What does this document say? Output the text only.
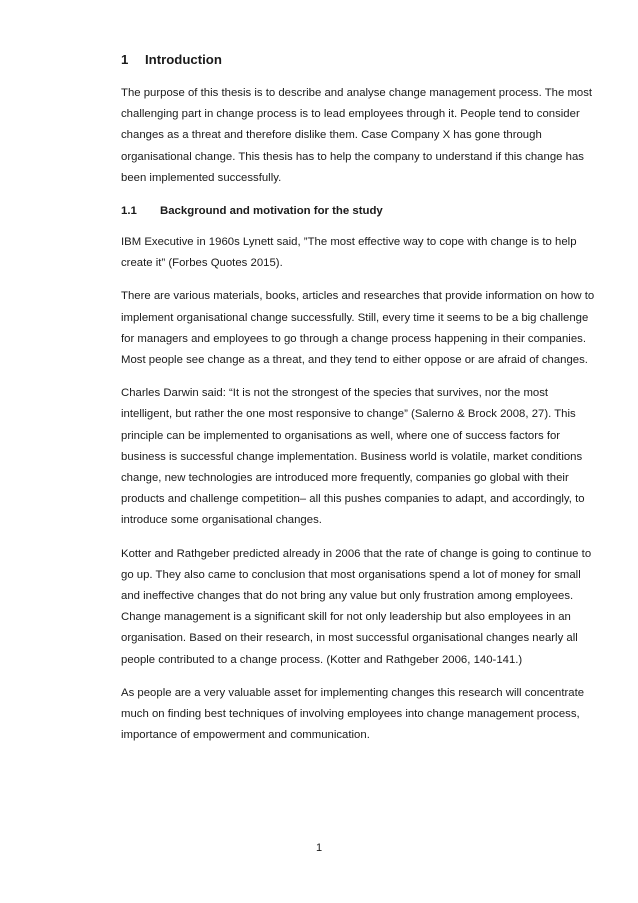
1	Introduction

The purpose of this thesis is to describe and analyse change management process. The most challenging part in change process is to lead employees through it. People tend to consider changes as a threat and therefore dislike them. Case Company X has gone through organisational change. This thesis has to help the company to understand if this change has been implemented successfully.

1.1	Background and motivation for the study

IBM Executive in 1960s Lynett said, ”The most effective way to cope with change is to help create it” (Forbes Quotes 2015).

There are various materials, books, articles and researches that provide information on how to implement organisational change successfully. Still, every time it seems to be a big challenge for managers and employees to go through a change process happening in their companies. Most people see change as a threat, and they tend to either oppose or are afraid of changes.

Charles Darwin said: “It is not the strongest of the species that survives, nor the most intelligent, but rather the one most responsive to change” (Salerno & Brock 2008, 27). This principle can be implemented to organisations as well, where one of success factors for business is successful change implementation. Business world is volatile, market conditions change, new technologies are introduced more frequently, companies go global with their products and challenge competition– all this pushes companies to adapt, and accordingly, to introduce some organisational changes.

Kotter and Rathgeber predicted already in 2006 that the rate of change is going to continue to go up. They also came to conclusion that most organisations spend a lot of money for small and ineffective changes that do not bring any value but only frustration among employees. Change management is a significant skill for not only leadership but also employees in an organisation. Based on their research, in most successful organisational changes nearly all people contributed to a change process. (Kotter and Rathgeber 2006, 140-141.)

As people are a very valuable asset for implementing changes this research will concentrate much on finding best techniques of involving employees into change management process, importance of empowerment and communication.

1
